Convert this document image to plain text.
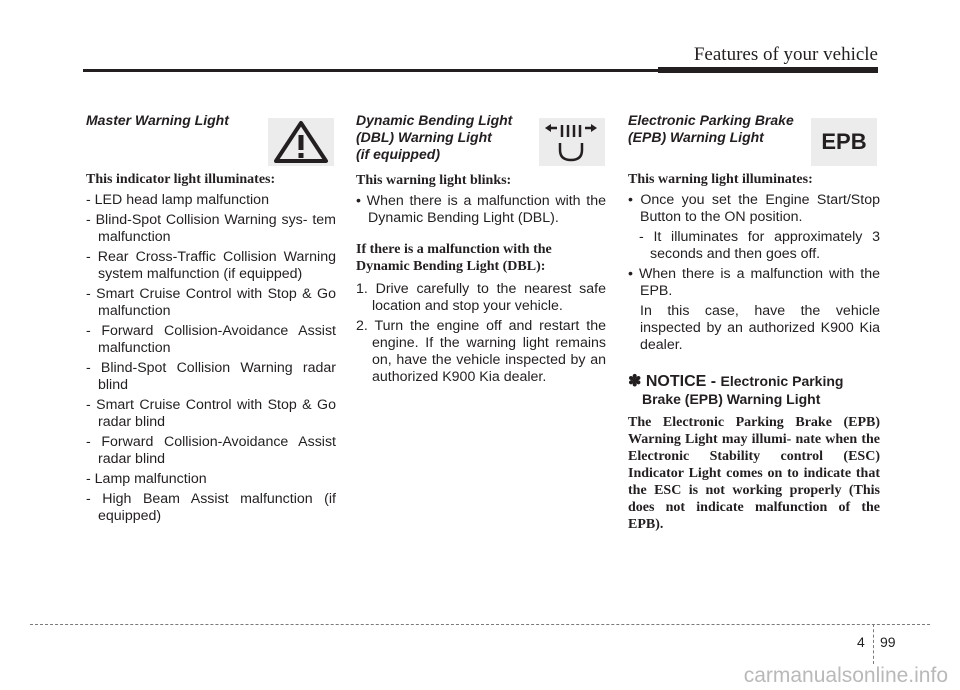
Features of your vehicle
Master Warning Light
This indicator light illuminates:
- LED head lamp malfunction
- Blind-Spot Collision Warning sys- tem malfunction
- Rear Cross-Traffic Collision Warning system malfunction (if equipped)
- Smart Cruise Control with Stop & Go malfunction
- Forward Collision-Avoidance Assist malfunction
- Blind-Spot Collision Warning radar blind
- Smart Cruise Control with Stop & Go radar blind
- Forward Collision-Avoidance Assist radar blind
- Lamp malfunction
- High Beam Assist malfunction (if equipped)
Dynamic Bending Light
(DBL) Warning Light
(if equipped)
This warning light blinks:
• When there is a malfunction with the Dynamic Bending Light (DBL).
If there is a malfunction with the Dynamic Bending Light (DBL):
1. Drive carefully to the nearest safe location and stop your vehicle.
2. Turn the engine off and restart the engine. If the warning light remains on, have the vehicle inspected by an authorized K900 Kia dealer.
Electronic Parking Brake
(EPB) Warning Light	EPB
This warning light illuminates:
• Once you set the Engine Start/Stop Button to the ON position.
- It illuminates for approximately 3 seconds and then goes off.
• When there is a malfunction with the EPB.
In this case, have the vehicle inspected by an authorized K900 Kia dealer.
✽ NOTICE - Electronic Parking
Brake (EPB) Warning Light
The Electronic Parking Brake (EPB) Warning Light may illumi- nate when the Electronic Stability control (ESC) Indicator Light comes on to indicate that the ESC is not working properly (This does not indicate malfunction of the EPB).
4 99
carmanualsonline.info
